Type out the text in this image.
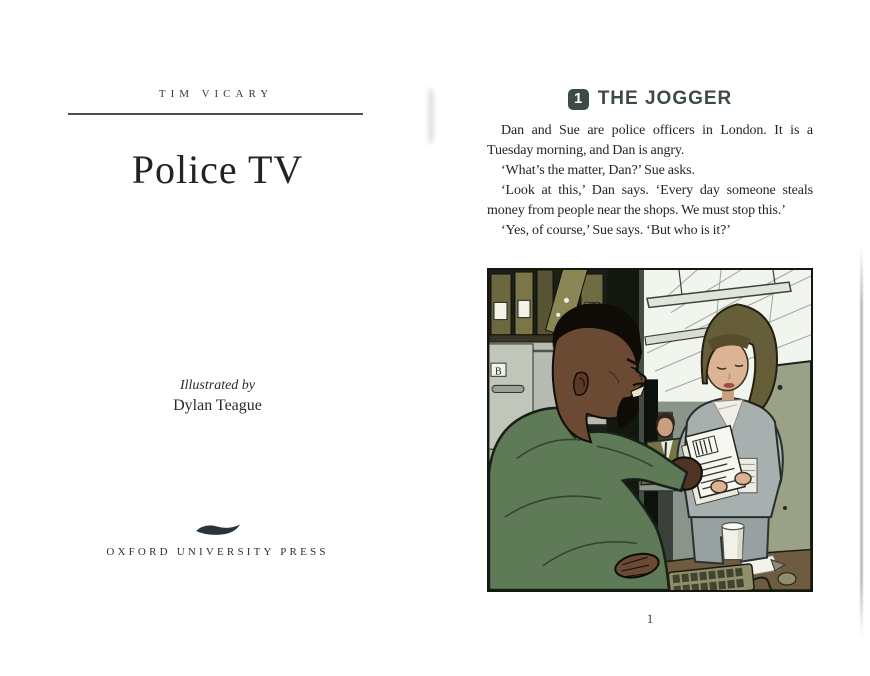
TIM VICARY
Police TV
Illustrated by
Dylan Teague
OXFORD UNIVERSITY PRESS
1 THE JOGGER

Dan and Sue are police officers in London. It is a Tuesday morning, and Dan is angry.

‘What’s the matter, Dan?’ Sue asks.

‘Look at this,’ Dan says. ‘Every day someone steals money from people near the shops. We must stop this.’

‘Yes, of course,’ Sue says. ‘But who is it?’

B
1
